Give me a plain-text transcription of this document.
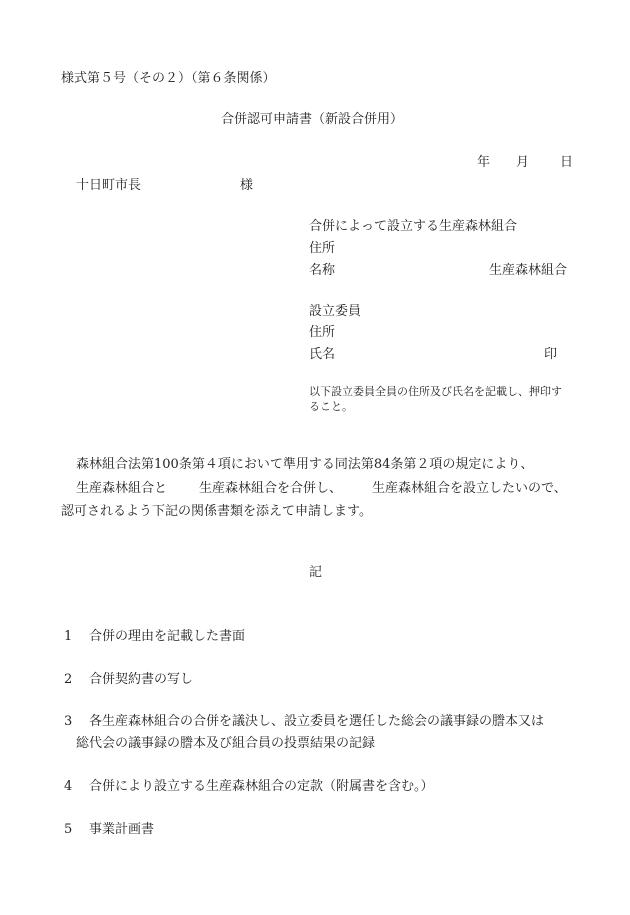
様式第５号（その２）（第６条関係）
合併認可申請書（新設合併用）
年 月 日
十日町市長	様
合併によって設立する生産森林組合
住所
名称	生産森林組合
設立委員
住所
氏名	印
以下設立委員全員の住所及び氏名を記載し、押印す
ること。
森林組合法第100条第４項において準用する同法第84条第２項の規定により、
生産森林組合と 生産森林組合を合併し、 生産森林組合を設立したいので、
認可されるよう下記の関係書類を添えて申請します。
記
1 合併の理由を記載した書面
2 合併契約書の写し
3 各生産森林組合の合併を議決し、設立委員を選任した総会の議事録の謄本又は
総代会の議事録の謄本及び組合員の投票結果の記録
4 合併により設立する生産森林組合の定款（附属書を含む。）
5 事業計画書
